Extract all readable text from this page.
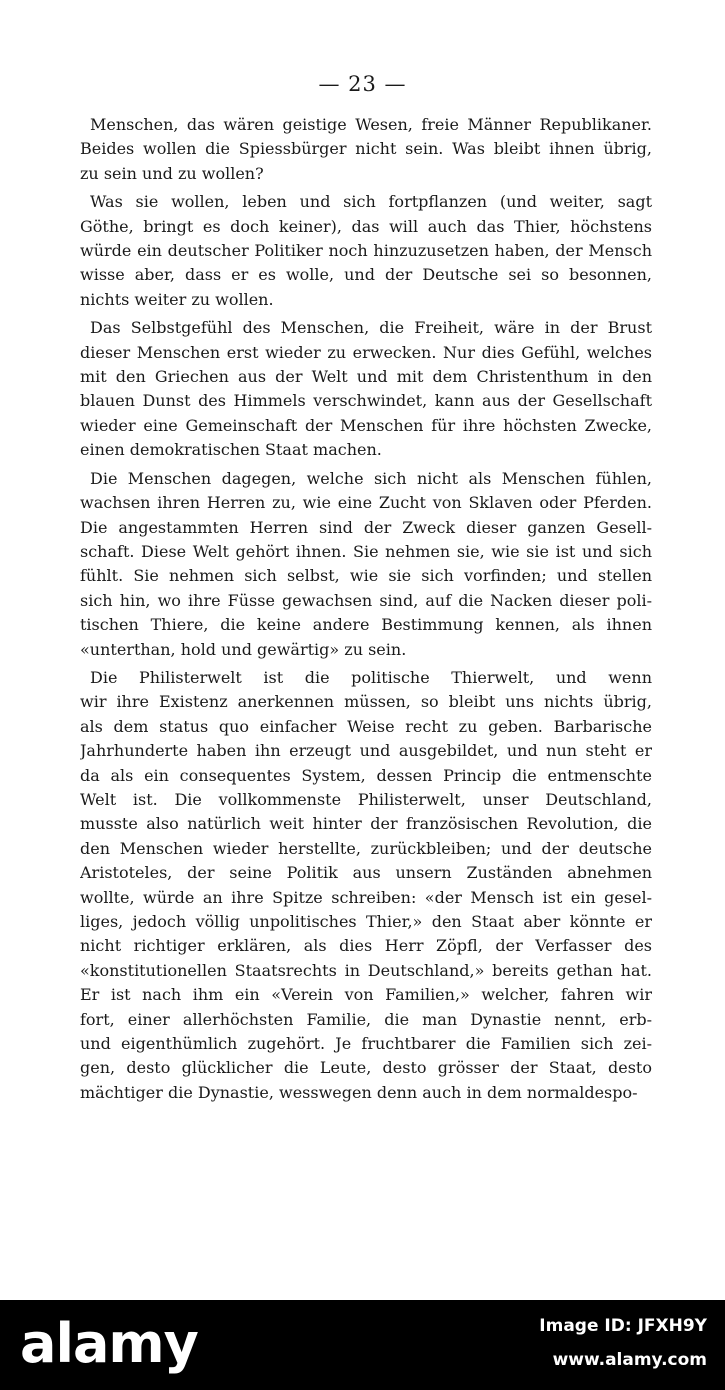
— 23 —
Menschen, das wären geistige Wesen, freie Männer Republikaner.
Beides wollen die Spiessbürger nicht sein. Was bleibt ihnen übrig,
zu sein und zu wollen?
Was sie wollen, leben und sich fortpflanzen (und weiter, sagt
Göthe, bringt es doch keiner), das will auch das Thier, höchstens
würde ein deutscher Politiker noch hinzuzusetzen haben, der Mensch
wisse aber, dass er es wolle, und der Deutsche sei so besonnen,
nichts weiter zu wollen.
Das Selbstgefühl des Menschen, die Freiheit, wäre in der Brust
dieser Menschen erst wieder zu erwecken. Nur dies Gefühl, welches
mit den Griechen aus der Welt und mit dem Christenthum in den
blauen Dunst des Himmels verschwindet, kann aus der Gesellschaft
wieder eine Gemeinschaft der Menschen für ihre höchsten Zwecke,
einen demokratischen Staat machen.
Die Menschen dagegen, welche sich nicht als Menschen fühlen,
wachsen ihren Herren zu, wie eine Zucht von Sklaven oder Pferden.
Die angestammten Herren sind der Zweck dieser ganzen Gesell-
schaft. Diese Welt gehört ihnen. Sie nehmen sie, wie sie ist und sich
fühlt. Sie nehmen sich selbst, wie sie sich vorfinden; und stellen
sich hin, wo ihre Füsse gewachsen sind, auf die Nacken dieser poli-
tischen Thiere, die keine andere Bestimmung kennen, als ihnen
«unterthan, hold und gewärtig» zu sein.
Die Philisterwelt ist die politische Thierwelt, und wenn
wir ihre Existenz anerkennen müssen, so bleibt uns nichts übrig,
als dem status quo einfacher Weise recht zu geben. Barbarische
Jahrhunderte haben ihn erzeugt und ausgebildet, und nun steht er
da als ein consequentes System, dessen Princip die entmenschte
Welt ist. Die vollkommenste Philisterwelt, unser Deutschland,
musste also natürlich weit hinter der französischen Revolution, die
den Menschen wieder herstellte, zurückbleiben; und der deutsche
Aristoteles, der seine Politik aus unsern Zuständen abnehmen
wollte, würde an ihre Spitze schreiben: «der Mensch ist ein gesel-
liges, jedoch völlig unpolitisches Thier,» den Staat aber könnte er
nicht richtiger erklären, als dies Herr Zöpfl, der Verfasser des
«konstitutionellen Staatsrechts in Deutschland,» bereits gethan hat.
Er ist nach ihm ein «Verein von Familien,» welcher, fahren wir
fort, einer allerhöchsten Familie, die man Dynastie nennt, erb-
und eigenthümlich zugehört. Je fruchtbarer die Familien sich zei-
gen, desto glücklicher die Leute, desto grösser der Staat, desto
mächtiger die Dynastie, wesswegen denn auch in dem normaldespo-
alamy	Image ID: JFXH9Y
www.alamy.com
